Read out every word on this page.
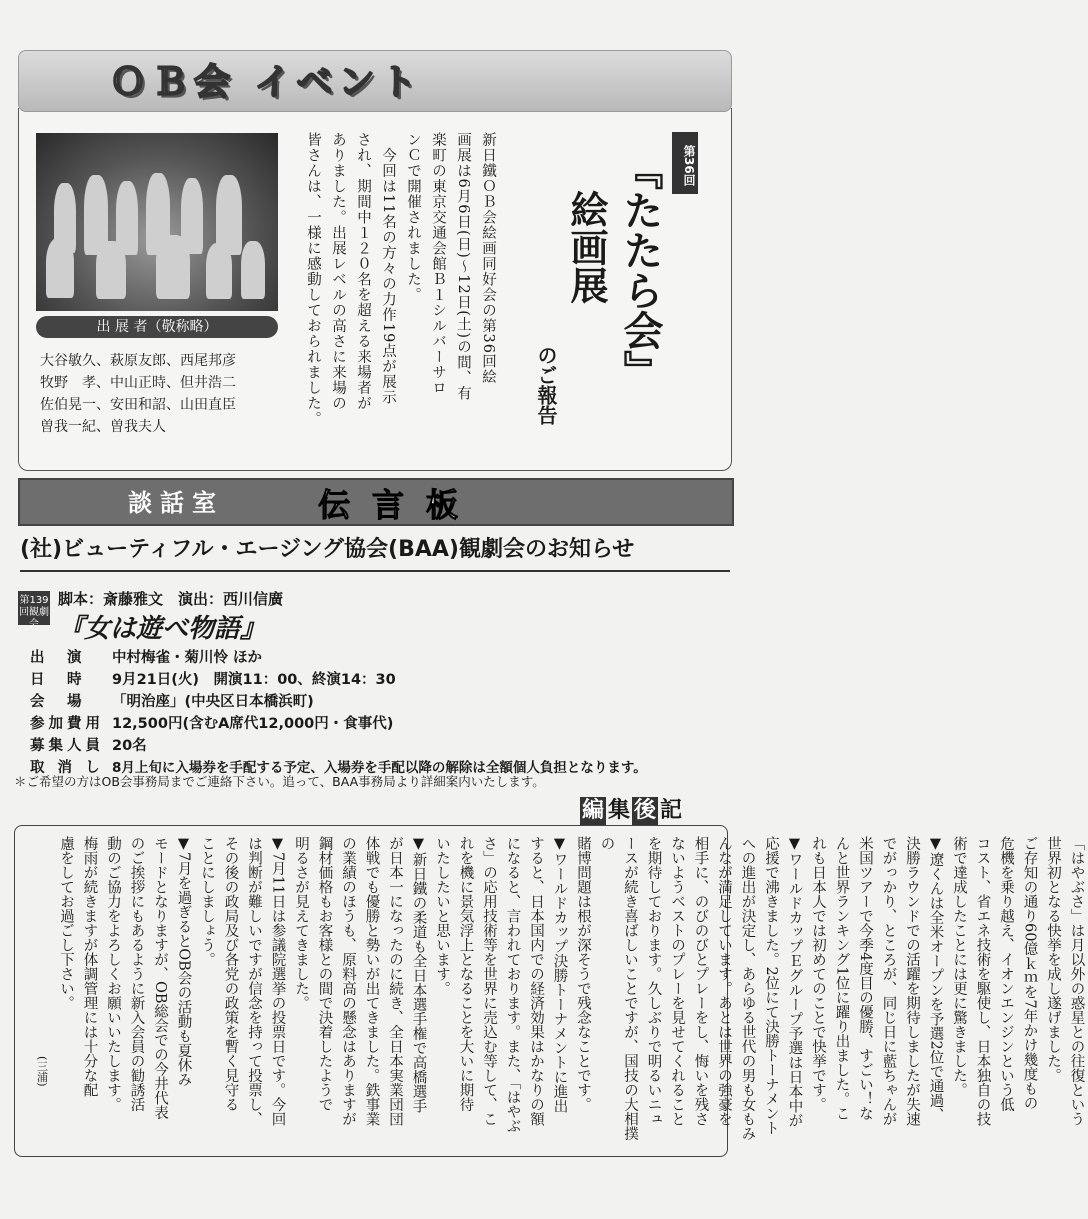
ＯＢ会 イベント
出 展 者（敬称略）
大谷敏久、萩原友郎、西尾邦彦
牧野　孝、中山正時、但井浩二
佐伯晃一、安田和詔、山田直臣
曽我一紀、曽我夫人
新日鐵ＯＢ会絵画同好会の第36回絵
画展は6月6日(日)～12日(土)の間、有
楽町の東京交通会館Ｂ１シルバーサロ
ンＣで開催されました。
　今回は11名の方々の力作19点が展示
され、期間中１２０名を超える来場者が
ありました。出展レベルの高さに来場の
皆さんは、一様に感動しておられました。	第36回
『たたら会』
絵画展
のご報告
談話室	伝言板
(社)ビューティフル・エージング協会(BAA)観劇会のお知らせ
第139回観劇会
脚本：斎藤雅文　演出：西川信廣
『女は遊べ物語』
出　演 中村梅雀・菊川怜 ほか
日　時 9月21日(火)　開演11：00、終演14：30
会　場 「明治座」(中央区日本橋浜町)
参加費用 12,500円(含むA席代12,000円・食事代)
募集人員 20名
取 消 し 8月上旬に入場券を手配する予定、入場券を手配以降の解除は全額個人負担となります。
＊ご希望の方はOB会事務局までご連絡下さい。追って、BAA事務局より詳細案内いたします。
編 集 後 記
「はやぶさ」は月以外の惑星との往復という
世界初となる快挙を成し遂げました。
ご存知の通り60億ｋｍを7年かけ幾度もの
危機を乗り越え、イオンエンジンという低
コスト、省エネ技術を駆使し、日本独自の技
術で達成したことには更に驚きました。
▼遼くんは全米オープンを予選2位で通過、
決勝ラウンドでの活躍を期待しましたが失速
でがっかり、ところが、同じ日に藍ちゃんが
米国ツアーで今季4度目の優勝、すごい！な
んと世界ランキング1位に躍り出ました。こ
れも日本人では初めてのことで快挙です。
▼ワールドカップＥグループ予選は日本中が
応援で沸きました。2位にて決勝トーナメント
への進出が決定し、あらゆる世代の男も女もみ
んなが満足しています。あとは世界の強豪を
相手に、のびのびとプレーをし、悔いを残さ
ないようベストのプレーを見せてくれること
を期待しております。久しぶりで明るいニュ
ースが続き喜ばしいことですが、国技の大相撲の
賭博問題は根が深そうで残念なことです。
▼ワールドカップ決勝トーナメントに進出
すると、日本国内での経済効果はかなりの額
になると、言われております。また、「はやぶ
さ」の応用技術等を世界に売込む等して、こ
れを機に景気浮上となることを大いに期待
いたしたいと思います。
▼新日鐵の柔道も全日本選手権で高橋選手
が日本一になったのに続き、全日本実業団団
体戦でも優勝と勢いが出てきました。鉄事業
の業績のほうも、原料高の懸念はありますが
鋼材価格もお客様との間で決着したようで
明るさが見えてきました。
▼7月11日は参議院選挙の投票日です。今回
は判断が難しいですが信念を持って投票し、
その後の政局及び各党の政策を暫く見守る
ことにしましょう。
▼7月を過ぎるとOB会の活動も夏休み
モードとなりますが、OB総会での今井代表
のご挨拶にもあるように新入会員の勧誘活
動のご協力をよろしくお願いいたします。
梅雨が続きますが体調管理には十分な配
慮をしてお過ごし下さい。
(三浦)
